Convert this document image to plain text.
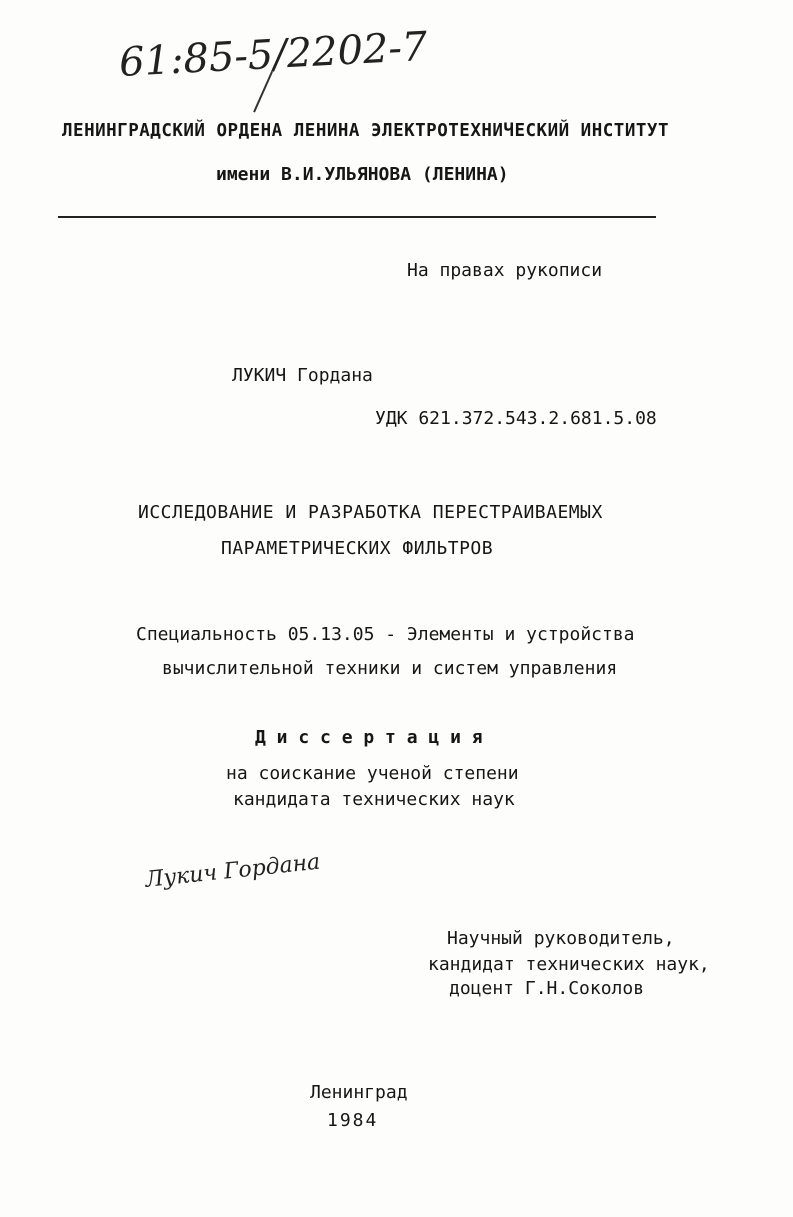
61:85-5/2202-7
ЛЕНИНГРАДСКИЙ ОРДЕНА ЛЕНИНА ЭЛЕКТРОТЕХНИЧЕСКИЙ ИНСТИТУТ
имени В.И.УЛЬЯНОВА (ЛЕНИНА)
На правах рукописи
ЛУКИЧ Гордана
УДК 621.372.543.2.681.5.08
ИССЛЕДОВАНИЕ И РАЗРАБОТКА ПЕРЕСТРАИВАЕМЫХ
ПАРАМЕТРИЧЕСКИХ ФИЛЬТРОВ
Специальность 05.13.05 - Элементы и устройства
вычислительной техники и систем управления
Д и с с е р т а ц и я
на соискание ученой степени
кандидата технических наук
Лукич Гордана
Научный руководитель,
кандидат технических наук,
доцент Г.Н.Соколов
Ленинград
1984
